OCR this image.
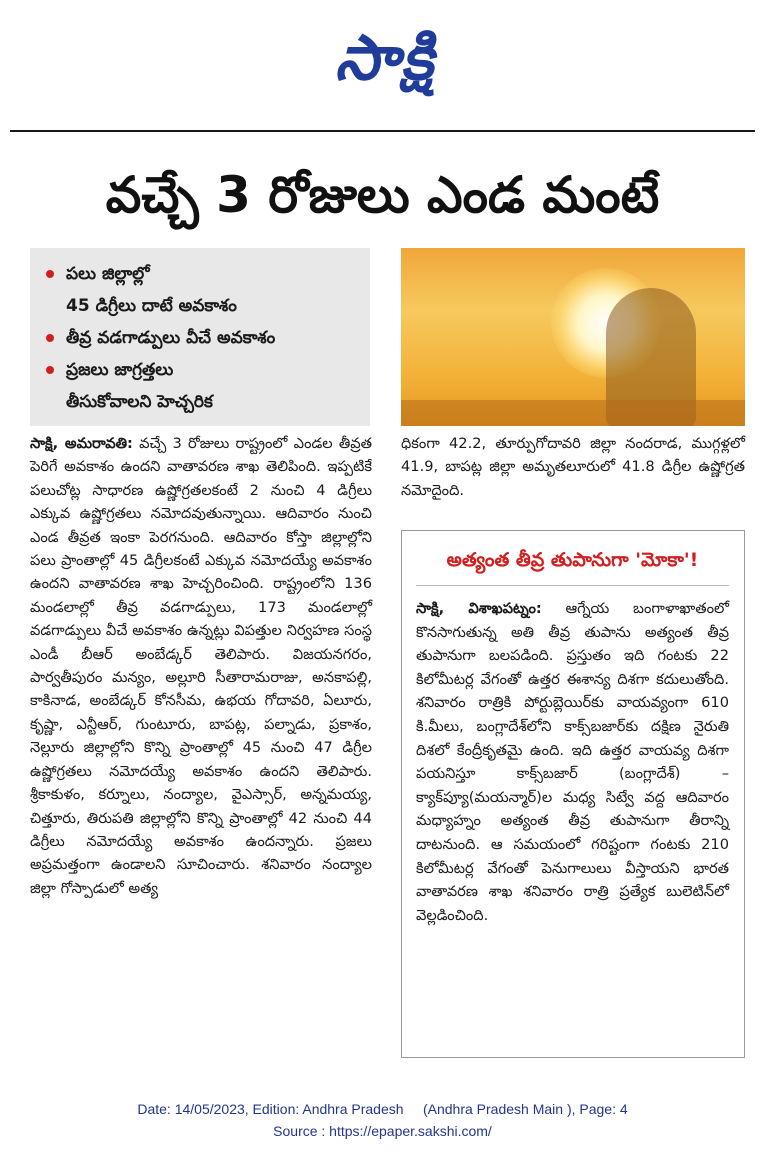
సాక్షి
వచ్చే 3 రోజులు ఎండ మంటే
పలు జిల్లాల్లో
45 డిగ్రీలు దాటే అవకాశం
తీవ్ర వడగాడ్పులు వీచే అవకాశం
ప్రజలు జాగ్రత్తలు
తీసుకోవాలని హెచ్చరిక
సాక్షి, అమరావతి: వచ్చే 3 రోజులు రాష్ట్రంలో ఎండల తీవ్రత పెరిగే అవకాశం ఉందని వాతావరణ శాఖ తెలిపింది. ఇప్పటికే పలుచోట్ల సాధారణ ఉష్ణోగ్రతలకంటే 2 నుంచి 4 డిగ్రీలు ఎక్కువ ఉష్ణోగ్రతలు నమోదవుతున్నాయి. ఆదివారం నుంచి ఎండ తీవ్రత ఇంకా పెరగనుంది. ఆదివారం కోస్తా జిల్లాల్లోని పలు ప్రాంతాల్లో 45 డిగ్రీలకంటే ఎక్కువ నమోదయ్యే అవకాశం ఉందని వాతావరణ శాఖ హెచ్చరించింది. రాష్ట్రంలోని 136 మండలాల్లో తీవ్ర వడగాడ్పులు, 173 మండలాల్లో వడగాడ్పులు వీచే అవకాశం ఉన్నట్లు విపత్తుల నిర్వహణ సంస్థ ఎండీ బీఆర్ అంబేడ్కర్ తెలిపారు. విజయనగరం, పార్వతీపురం మన్యం, అల్లూరి సీతారామరాజు, అనకాపల్లి, కాకినాడ, అంబేడ్కర్ కోనసీమ, ఉభయ గోదావరి, ఏలూరు, కృష్ణా, ఎన్టీఆర్, గుంటూరు, బాపట్ల, పల్నాడు, ప్రకాశం, నెల్లూరు జిల్లాల్లోని కొన్ని ప్రాంతాల్లో 45 నుంచి 47 డిగ్రీల ఉష్ణోగ్రతలు నమోదయ్యే అవకాశం ఉందని తెలిపారు. శ్రీకాకుళం, కర్నూలు, నంద్యాల, వైఎస్సార్, అన్నమయ్య, చిత్తూరు, తిరుపతి జిల్లాల్లోని కొన్ని ప్రాంతాల్లో 42 నుంచి 44 డిగ్రీలు నమోదయ్యే అవకాశం ఉందన్నారు. ప్రజలు అప్రమత్తంగా ఉండాలని సూచించారు. శనివారం నంద్యాల జిల్లా గోస్పాడులో అత్య
ధికంగా 42.2, తూర్పుగోదావరి జిల్లా నందరాడ, ముగ్గళ్లలో 41.9, బాపట్ల జిల్లా అమృతలూరులో 41.8 డిగ్రీల ఉష్ణోగ్రత నమోదైంది.
అత్యంత తీవ్ర తుపానుగా 'మోకా'!
సాక్షి, విశాఖపట్నం: ఆగ్నేయ బంగాళాఖాతంలో కొనసాగుతున్న అతి తీవ్ర తుపాను అత్యంత తీవ్ర తుపానుగా బలపడింది. ప్రస్తుతం ఇది గంటకు 22 కిలోమీటర్ల వేగంతో ఉత్తర ఈశాన్య దిశగా కదులుతోంది. శనివారం రాత్రికి పోర్టుబ్లెయిర్‌కు వాయవ్యంగా 610 కి.మీలు, బంగ్లాదేశ్‌లోని కాక్స్‌బజార్‌కు దక్షిణ నైరుతి దిశలో కేంద్రీకృతమై ఉంది. ఇది ఉత్తర వాయవ్య దిశగా పయనిస్తూ కాక్స్‌బజార్ (బంగ్లాదేశ్) – క్యాక్‌ప్యూ(మయన్మార్)ల మధ్య సిట్వే వద్ద ఆదివారం మధ్యాహ్నం అత్యంత తీవ్ర తుపానుగా తీరాన్ని దాటనుంది. ఆ సమయంలో గరిష్టంగా గంటకు 210 కిలోమీటర్ల వేగంతో పెనుగాలులు వీస్తాయని భారత వాతావరణ శాఖ శనివారం రాత్రి ప్రత్యేక బులెటిన్‌లో వెల్లడించింది.
Date: 14/05/2023, Edition: Andhra Pradesh     (Andhra Pradesh Main ), Page: 4
Source : https://epaper.sakshi.com/
